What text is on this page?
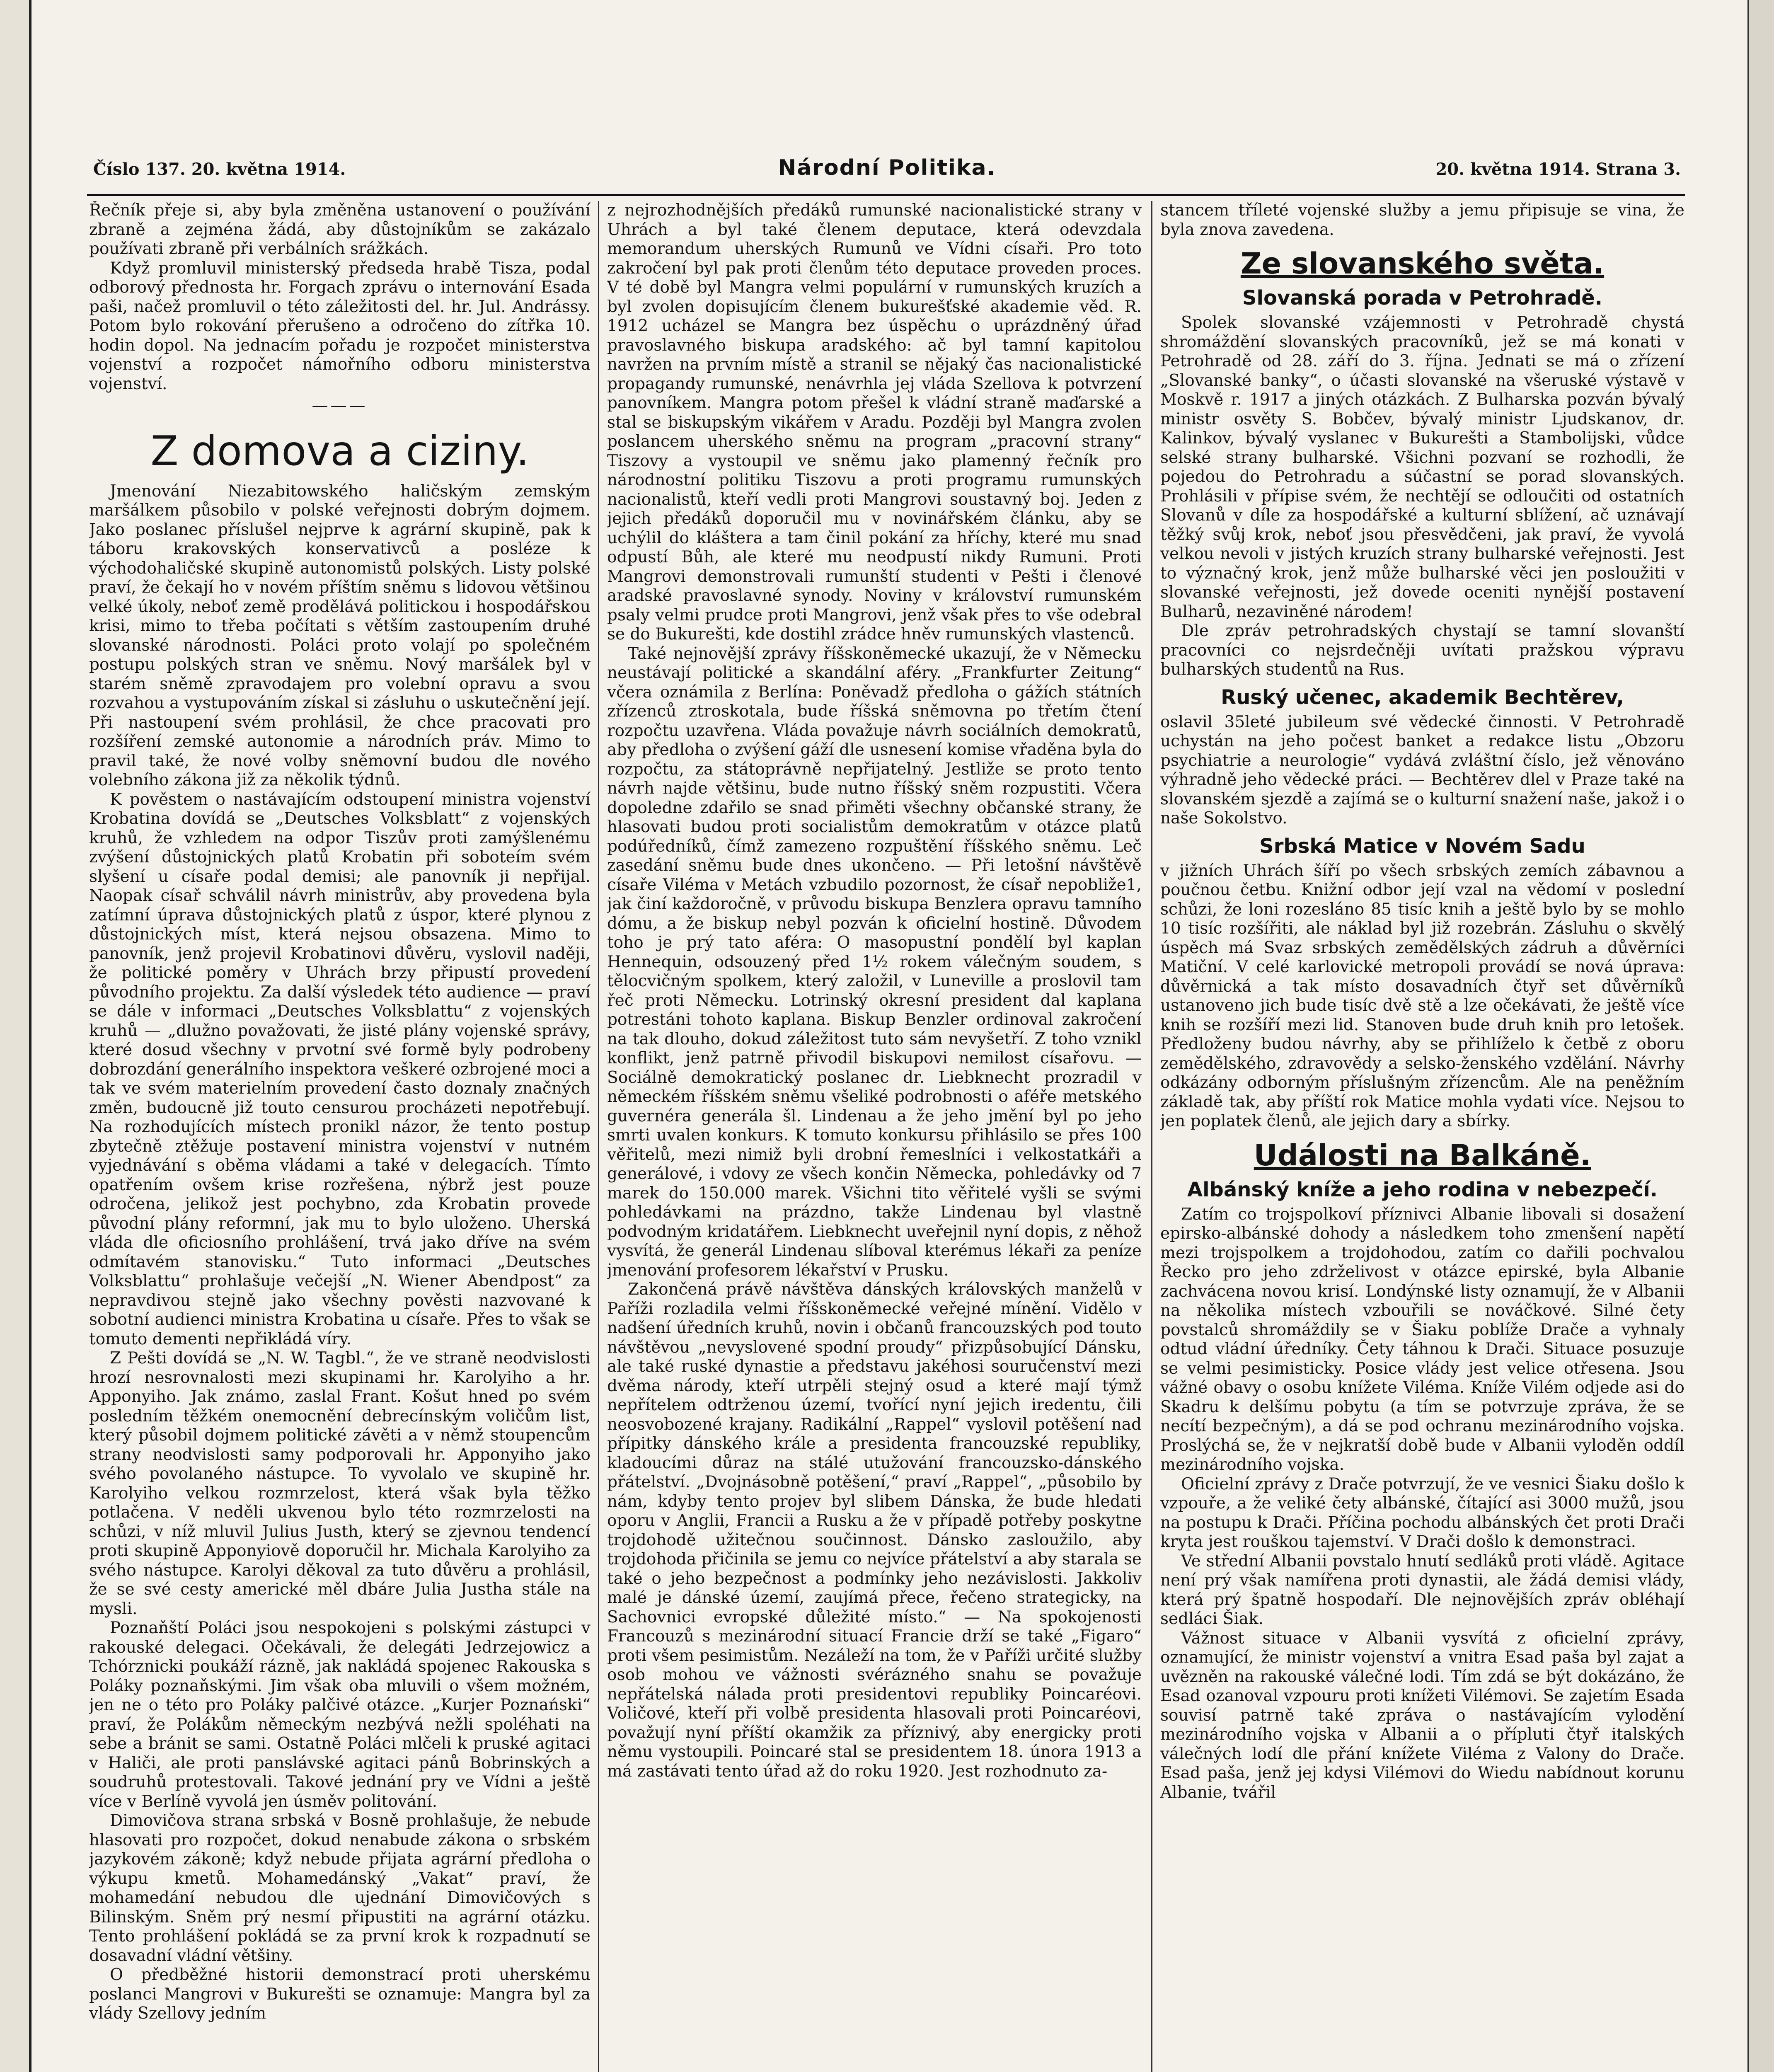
Číslo 137. 20. května 1914.	Národní Politika.	20. května 1914. Strana 3.

Řečník přeje si, aby byla změněna ustanovení o používání zbraně a zejména žádá, aby důstojníkům se zakázalo používati zbraně při verbálních srážkách.

Když promluvil ministerský předseda hrabě Tisza, podal odborový přednosta hr. Forgach zprávu o internování Esada paši, načež promluvil o této záležitosti del. hr. Jul. Andrássy. Potom bylo rokování přerušeno a odročeno do zítřka 10. hodin dopol. Na jednacím pořadu je rozpočet ministerstva vojenství a rozpočet námořního odboru ministerstva vojenství.

———
Z domova a ciziny.

Jmenování Niezabitowského haličským zemským maršálkem působilo v polské veřejnosti dobrým dojmem. Jako poslanec příslušel nejprve k agrární skupině, pak k táboru krakovských konservativců a posléze k východohaličské skupině autonomistů polských. Listy polské praví, že čekají ho v novém příštím sněmu s lidovou většinou velké úkoly, neboť země prodělává politickou i hospodářskou krisi, mimo to třeba počítati s větším zastoupením druhé slovanské národnosti. Poláci proto volají po společném postupu polských stran ve sněmu. Nový maršálek byl v starém sněmě zpravodajem pro volební opravu a svou rozvahou a vystupováním získal si zásluhu o uskutečnění její. Při nastoupení svém prohlásil, že chce pracovati pro rozšíření zemské autonomie a národních práv. Mimo to pravil také, že nové volby sněmovní budou dle nového volebního zákona již za několik týdnů.

K pověstem o nastávajícím odstoupení ministra vojenství Krobatina dovídá se „Deutsches Volksblatt“ z vojenských kruhů, že vzhledem na odpor Tiszův proti zamýšlenému zvýšení důstojnických platů Krobatin při soboteím svém slyšení u císaře podal demisi; ale panovník ji nepřijal. Naopak císař schválil návrh ministrův, aby provedena byla zatímní úprava důstojnických platů z úspor, které plynou z důstojnických míst, která nejsou obsazena. Mimo to panovník, jenž projevil Krobatinovi důvěru, vyslovil naději, že politické poměry v Uhrách brzy připustí provedení původního projektu. Za další výsledek této audience — praví se dále v informaci „Deutsches Volksblattu“ z vojenských kruhů — „dlužno považovati, že jisté plány vojenské správy, které dosud všechny v prvotní své formě byly podrobeny dobrozdání generálního inspektora veškeré ozbrojené moci a tak ve svém materielním provedení často doznaly značných změn, budoucně již touto censurou procházeti nepotřebují. Na rozhodujících místech pronikl názor, že tento postup zbytečně ztěžuje postavení ministra vojenství v nutném vyjednávání s oběma vládami a také v delegacích. Tímto opatřením ovšem krise rozřešena, nýbrž jest pouze odročena, jelikož jest pochybno, zda Krobatin provede původní plány reformní, jak mu to bylo uloženo. Uherská vláda dle oficiosního prohlášení, trvá jako dříve na svém odmítavém stanovisku.“ Tuto informaci „Deutsches Volksblattu“ prohlašuje večejší „N. Wiener Abendpost“ za nepravdivou stejně jako všechny pověsti nazvované k sobotní audienci ministra Krobatina u císaře. Přes to však se tomuto dementi nepřikládá víry.

Z Pešti dovídá se „N. W. Tagbl.“, že ve straně neodvislosti hrozí nesrovnalosti mezi skupinami hr. Karolyiho a hr. Apponyiho. Jak známo, zaslal Frant. Košut hned po svém posledním těžkém onemocnění debrecínským voličům list, který působil dojmem politické závěti a v němž stoupencům strany neodvislosti samy podporovali hr. Apponyiho jako svého povolaného nástupce. To vyvolalo ve skupině hr. Karolyiho velkou rozmrzelost, která však byla těžko potlačena. V neděli ukvenou bylo této rozmrzelosti na schůzi, v níž mluvil Julius Justh, který se zjevnou tendencí proti skupině Apponyiově doporučil hr. Michala Karolyiho za svého nástupce. Karolyi děkoval za tuto důvěru a prohlásil, že se své cesty americké měl dbáre Julia Justha stále na mysli.

Poznaňští Poláci jsou nespokojeni s polskými zástupci v rakouské delegaci. Očekávali, že delegáti Jedrzejowicz a Tchórznicki poukáží rázně, jak nakládá spojenec Rakouska s Poláky poznaňskými. Jim však oba mluvili o všem možném, jen ne o této pro Poláky palčivé otázce. „Kurjer Poznański“ praví, že Polákům německým nezbývá nežli spoléhati na sebe a bránit se sami. Ostatně Poláci mlčeli k pruské agitaci v Haliči, ale proti panslávské agitaci pánů Bobrinských a soudruhů protestovali. Takové jednání pry ve Vídni a ještě více v Berlíně vyvolá jen úsměv politování.

Dimovičova strana srbská v Bosně prohlašuje, že nebude hlasovati pro rozpočet, dokud nenabude zákona o srbském jazykovém zákoně; když nebude přijata agrární předloha o výkupu kmetů. Mohamedánský „Vakat“ praví, že mohamedání nebudou dle ujednání Dimovičových s Bilinským. Sněm prý nesmí připustiti na agrární otázku. Tento prohlášení pokládá se za první krok k rozpadnutí se dosavadní vládní většiny.

O předběžné historii demonstrací proti uherskému poslanci Mangrovi v Bukurešti se oznamuje: Mangra byl za vlády Szellovy jedním

z nejrozhodnějších předáků rumunské nacionalistické strany v Uhrách a byl také členem deputace, která odevzdala memorandum uherských Rumunů ve Vídni císaři. Pro toto zakročení byl pak proti členům této deputace proveden proces. V té době byl Mangra velmi populární v rumunských kruzích a byl zvolen dopisujícím členem bukurešťské akademie věd. R. 1912 ucházel se Mangra bez úspěchu o uprázdněný úřad pravoslavného biskupa aradského: ač byl tamní kapitolou navržen na prvním místě a stranil se nějaký čas nacionalistické propagandy rumunské, nenávrhla jej vláda Szellova k potvrzení panovníkem. Mangra potom přešel k vládní straně maďarské a stal se biskupským vikářem v Aradu. Později byl Mangra zvolen poslancem uherského sněmu na program „pracovní strany“ Tiszovy a vystoupil ve sněmu jako plamenný řečník pro národnostní politiku Tiszovu a proti programu rumunských nacionalistů, kteří vedli proti Mangrovi soustavný boj. Jeden z jejich předáků doporučil mu v novinářském článku, aby se uchýlil do kláštera a tam činil pokání za hříchy, které mu snad odpustí Bůh, ale které mu neodpustí nikdy Rumuni. Proti Mangrovi demonstrovali rumunští studenti v Pešti i členové aradské pravoslavné synody. Noviny v království rumunském psaly velmi prudce proti Mangrovi, jenž však přes to vše odebral se do Bukurešti, kde dostihl zrádce hněv rumunských vlastenců.

Také nejnovější zprávy říšskoněmecké ukazují, že v Německu neustávají politické a skandální aféry. „Frankfurter Zeitung“ včera oznámila z Berlína: Poněvadž předloha o gážích státních zřízenců ztroskotala, bude říšská sněmovna po třetím čtení rozpočtu uzavřena. Vláda považuje návrh sociálních demokratů, aby předloha o zvýšení gáží dle usnesení komise vřaděna byla do rozpočtu, za státoprávně nepřijatelný. Jestliže se proto tento návrh najde většinu, bude nutno říšský sněm rozpustiti. Včera dopoledne zdařilo se snad přiměti všechny občanské strany, že hlasovati budou proti socialistům demokratům v otázce platů podúředníků, čímž zamezeno rozpuštění říšského sněmu. Leč zasedání sněmu bude dnes ukončeno. — Při letošní návštěvě císaře Viléma v Metách vzbudilo pozornost, že císař nepobliže1, jak činí každoročně, v průvodu biskupa Benzlera opravu tamního dómu, a že biskup nebyl pozván k oficielní hostině. Důvodem toho je prý tato aféra: O masopustní pondělí byl kaplan Hennequin, odsouzený před 1½ rokem válečným soudem, s tělocvičným spolkem, který založil, v Luneville a proslovil tam řeč proti Německu. Lotrinský okresní president dal kaplana potrestáni tohoto kaplana. Biskup Benzler ordinoval zakročení na tak dlouho, dokud záležitost tuto sám nevyšetří. Z toho vznikl konflikt, jenž patrně přivodil biskupovi nemilost císařovu. — Sociálně demokratický poslanec dr. Liebknecht prozradil v německém říšském sněmu všeliké podrobnosti o aféře metského guvernéra generála šl. Lindenau a že jeho jmění byl po jeho smrti uvalen konkurs. K tomuto konkursu přihlásilo se přes 100 věřitelů, mezi nimiž byli drobní řemeslníci i velkostatkáři a generálové, i vdovy ze všech končin Německa, pohledávky od 7 marek do 150.000 marek. Všichni tito věřitelé vyšli se svými pohledávkami na prázdno, takže Lindenau byl vlastně podvodným kridatářem. Liebknecht uveřejnil nyní dopis, z něhož vysvítá, že generál Lindenau slíboval kterémus lékaři za peníze jmenování profesorem lékařství v Prusku.

Zakončená právě návštěva dánských královských manželů v Paříži rozladila velmi říšskoněmecké veřejné mínění. Vidělo v nadšení úředních kruhů, novin i občanů francouzských pod touto návštěvou „nevyslovené spodní proudy“ přizpůsobující Dánsku, ale také ruské dynastie a představu jakéhosi souručenství mezi dvěma národy, kteří utrpěli stejný osud a které mají týmž nepřítelem odtrženou území, tvořící nyní jejich iredentu, čili neosvobozené krajany. Radikální „Rappel“ vyslovil potěšení nad přípitky dánského krále a presidenta francouzské republiky, kladoucími důraz na stálé utužování francouzsko-dánského přátelství. „Dvojnásobně potěšení,“ praví „Rappel“, „působilo by nám, kdyby tento projev byl slibem Dánska, že bude hledati oporu v Anglii, Francii a Rusku a že v případě potřeby poskytne trojdohodě užitečnou součinnost. Dánsko zasloužilo, aby trojdohoda přičinila se jemu co nejvíce přátelství a aby starala se také o jeho bezpečnost a podmínky jeho nezávislosti. Jakkoliv malé je dánské území, zaujímá přece, řečeno strategicky, na Sachovnici evropské důležité místo.“ — Na spokojenosti Francouzů s mezinárodní situací Francie drží se také „Figaro“ proti všem pesimistům. Nezáleží na tom, že v Paříži určité služby osob mohou ve vážnosti svérázného snahu se považuje nepřátelská nálada proti presidentovi republiky Poincaréovi. Voličové, kteří při volbě presidenta hlasovali proti Poincaréovi, považují nyní příští okamžik za příznivý, aby energicky proti němu vystoupili. Poincaré stal se presidentem 18. února 1913 a má zastávati tento úřad až do roku 1920. Jest rozhodnuto za-

stancem tříleté vojenské služby a jemu připisuje se vina, že byla znova zavedena.

Ze slovanského světa.
Slovanská porada v Petrohradě.

Spolek slovanské vzájemnosti v Petrohradě chystá shromáždění slovanských pracovníků, jež se má konati v Petrohradě od 28. září do 3. října. Jednati se má o zřízení „Slovanské banky“, o účasti slovanské na všeruské výstavě v Moskvě r. 1917 a jiných otázkách. Z Bulharska pozván bývalý ministr osvěty S. Bobčev, bývalý ministr Ljudskanov, dr. Kalinkov, bývalý vyslanec v Bukurešti a Stambolijski, vůdce selské strany bulharské. Všichni pozvaní se rozhodli, že pojedou do Petrohradu a súčastní se porad slovanských. Prohlásili v přípise svém, že nechtějí se odloučiti od ostatních Slovanů v díle za hospodářské a kulturní sblížení, ač uznávají těžký svůj krok, neboť jsou přesvědčeni, jak praví, že vyvolá velkou nevoli v jistých kruzích strany bulharské veřejnosti. Jest to význačný krok, jenž může bulharské věci jen posloužiti v slovanské veřejnosti, jež dovede oceniti nynější postavení Bulharů, nezaviněné národem!

Dle zpráv petrohradských chystají se tamní slovanští pracovníci co nejsrdečněji uvítati pražskou výpravu bulharských studentů na Rus.

Ruský učenec, akademik Bechtěrev,

oslavil 35leté jubileum své vědecké činnosti. V Petrohradě uchystán na jeho počest banket a redakce listu „Obzoru psychiatrie a neurologie“ vydává zvláštní číslo, jež věnováno výhradně jeho vědecké práci. — Bechtěrev dlel v Praze také na slovanském sjezdě a zajímá se o kulturní snažení naše, jakož i o naše Sokolstvo.

Srbská Matice v Novém Sadu

v jižních Uhrách šíří po všech srbských zemích zábavnou a poučnou četbu. Knižní odbor její vzal na vědomí v poslední schůzi, že loni rozesláno 85 tisíc knih a ještě bylo by se mohlo 10 tisíc rozšířiti, ale náklad byl již rozebrán. Zásluhu o skvělý úspěch má Svaz srbských zemědělských zádruh a důvěrníci Matiční. V celé karlovické metropoli provádí se nová úprava: důvěrnická a tak místo dosavadních čtyř set důvěrníků ustanoveno jich bude tisíc dvě stě a lze očekávati, že ještě více knih se rozšíří mezi lid. Stanoven bude druh knih pro letošek. Předloženy budou návrhy, aby se přihlíželo k četbě z oboru zemědělského, zdravovědy a selsko-ženského vzdělání. Návrhy odkázány odborným příslušným zřízencům. Ale na peněžním základě tak, aby příští rok Matice mohla vydati více. Nejsou to jen poplatek členů, ale jejich dary a sbírky.

Události na Balkáně.
Albánský kníže a jeho rodina v nebezpečí.

Zatím co trojspolkoví příznivci Albanie libovali si dosažení epirsko-albánské dohody a následkem toho zmenšení napětí mezi trojspolkem a trojdohodou, zatím co dařili pochvalou Řecko pro jeho zdrželivost v otázce epirské, byla Albanie zachvácena novou krisí. Londýnské listy oznamují, že v Albanii na několika místech vzbouřili se nováčkové. Silné čety povstalců shromáždily se v Šiaku poblíže Drače a vyhnaly odtud vládní úředníky. Čety táhnou k Drači. Situace posuzuje se velmi pesimisticky. Posice vlády jest velice otřesena. Jsou vážné obavy o osobu knížete Viléma. Kníže Vilém odjede asi do Skadru k delšímu pobytu (a tím se potvrzuje zpráva, že se necítí bezpečným), a dá se pod ochranu mezinárodního vojska. Proslýchá se, že v nejkratší době bude v Albanii vyloděn oddíl mezinárodního vojska.

Oficielní zprávy z Drače potvrzují, že ve vesnici Šiaku došlo k vzpouře, a že veliké čety albánské, čítající asi 3000 mužů, jsou na postupu k Drači. Příčina pochodu albánských čet proti Drači kryta jest rouškou tajemství. V Drači došlo k demonstraci.

Ve střední Albanii povstalo hnutí sedláků proti vládě. Agitace není prý však namířena proti dynastii, ale žádá demisi vlády, která prý špatně hospodaří. Dle nejnovějších zpráv obléhají sedláci Šiak.

Vážnost situace v Albanii vysvítá z oficielní zprávy, oznamující, že ministr vojenství a vnitra Esad paša byl zajat a uvězněn na rakouské válečné lodi. Tím zdá se být dokázáno, že Esad ozanoval vzpouru proti knížeti Vilémovi. Se zajetím Esada souvisí patrně také zpráva o nastávajícím vylodění mezinárodního vojska v Albanii a o přípluti čtyř italských válečných lodí dle přání knížete Viléma z Valony do Drače. Esad paša, jenž jej kdysi Vilémovi do Wiedu nabídnout korunu Albanie, tvářil
